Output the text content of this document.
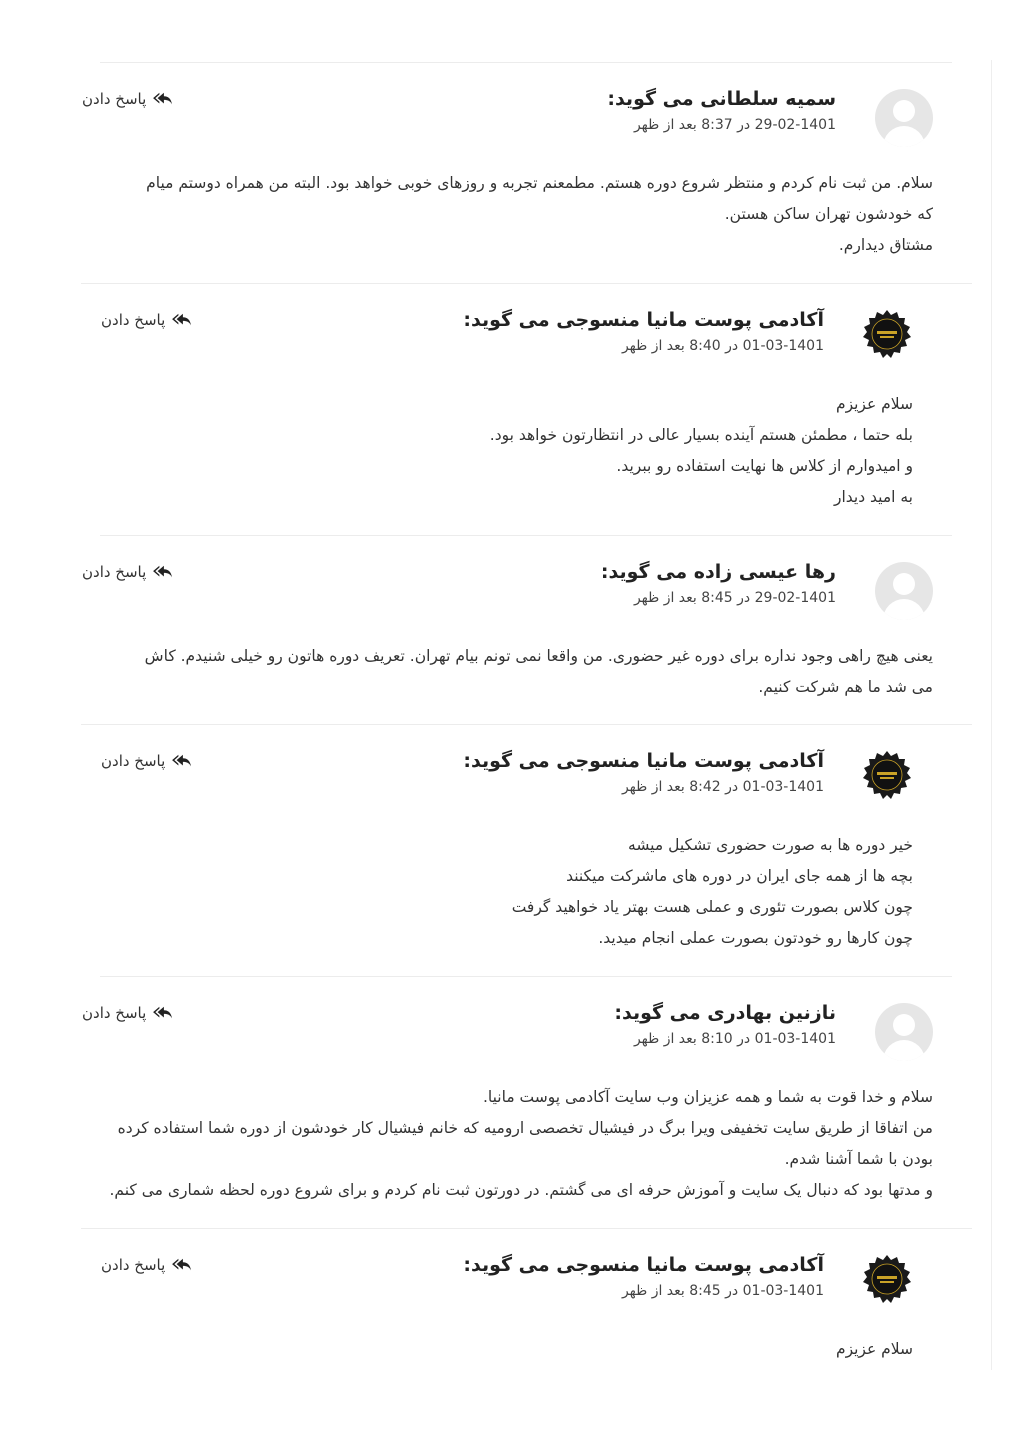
سمیه سلطانی می گوید:
29-02-1401 در 8:37 بعد از ظهر
پاسخ دادن

سلام. من ثبت نام کردم و منتظر شروع دوره هستم. مطمعنم تجربه و روزهای خوبی خواهد بود. البته من همراه دوستم میام

که خودشون تهران ساکن هستن.

مشتاق دیدارم.

آکادمی پوست مانیا منسوجی می گوید:
01-03-1401 در 8:40 بعد از ظهر
پاسخ دادن

سلام عزیزم

بله حتما ، مطمئن هستم آینده بسیار عالی در انتظارتون خواهد بود.

و امیدوارم از کلاس ها نهایت استفاده رو ببرید.

به امید دیدار

رها عیسی زاده می گوید:
29-02-1401 در 8:45 بعد از ظهر
پاسخ دادن

یعنی هیچ راهی وجود نداره برای دوره غیر حضوری. من واقعا نمی تونم بیام تهران. تعریف دوره هاتون رو خیلی شنیدم. کاش

می شد ما هم شرکت کنیم.

آکادمی پوست مانیا منسوجی می گوید:
01-03-1401 در 8:42 بعد از ظهر
پاسخ دادن

خیر دوره ها به صورت حضوری تشکیل میشه

بچه ها از همه جای ایران در دوره های ماشرکت میکنند

چون کلاس بصورت تئوری و عملی هست بهتر یاد خواهید گرفت

چون کارها رو خودتون بصورت عملی انجام میدید.

نازنین بهادری می گوید:
01-03-1401 در 8:10 بعد از ظهر
پاسخ دادن

سلام و خدا قوت به شما و همه عزیزان وب سایت آکادمی پوست مانیا.

من اتفاقا از طریق سایت تخفیفی ویرا برگ در فیشیال تخصصی ارومیه که خانم فیشیال کار خودشون از دوره شما استفاده کرده

بودن با شما آشنا شدم.

و مدتها بود که دنبال یک سایت و آموزش حرفه ای می گشتم. در دورتون ثبت نام کردم و برای شروع دوره لحظه شماری می کنم.

آکادمی پوست مانیا منسوجی می گوید:
01-03-1401 در 8:45 بعد از ظهر
پاسخ دادن

سلام عزیزم
